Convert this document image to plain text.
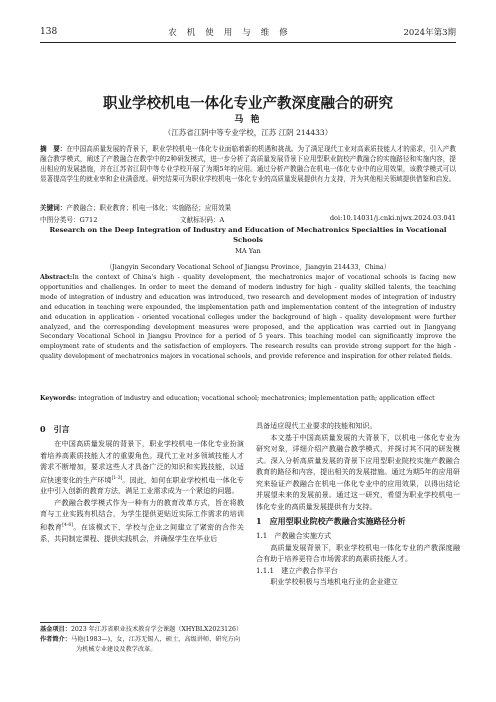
138	农机使用与维修	2024年第3期
职业学校机电一体化专业产教深度融合的研究
马 艳
（江苏省江阴中等专业学校，江苏 江阴 214433）
摘　要：在中国高质量发展的背景下，职业学校机电一体化专业面临着新的机遇和挑战。为了满足现代工业对高素质技能人才的需求，引入产教融合教学模式，阐述了产教融合在教学中的2种研发模式，进一步分析了高质量发展背景下应用型职业院校产教融合的实施路径和实施内容，提出相应的发展措施，并在江苏省江阴中等专业学校开展了为期5年的应用。通过分析产教融合在机电一体化专业中的应用效果，该教学模式可以显著提高学生的就业率和企业满意度。研究结果可为职业学校机电一体化专业的高质量发展提供有力支持，并为其他相关领域提供借鉴和启发。
关键词：产教融合；职业教育；机电一体化；实施路径；应用效果
中图分类号：G712	文献标识码：A	doi:10.14031/j.cnki.njwx.2024.03.041
Research on the Deep Integration of Industry and Education of Mechatronics Specialties in Vocational Schools
MA Yan
（Jiangyin Secondary Vocational School of Jiangsu Province，Jiangyin 214433，China）
Abstract:In the context of China's high - quality development, the mechatronics major of vocational schools is facing new opportunities and challenges. In order to meet the demand of modern industry for high - quality skilled talents, the teaching mode of integration of industry and education was introduced, two research and development modes of integration of industry and education in teaching were expounded, the implementation path and implementation content of the integration of industry and education in application - oriented vocational colleges under the background of high - quality development were further analyzed, and the corresponding development measures were proposed, and the application was carried out in Jiangyang Secondary Vocational School in Jiangsu Province for a period of 5 years. This teaching model can significantly improve the employment rate of students and the satisfaction of employers. The research results can provide strong support for the high - quality development of mechatronics majors in vocational schools, and provide reference and inspiration for other related fields.
Keywords: integration of industry and education; vocational school; mechatronics; implementation path; application effect
0　引言

在中国高质量发展的背景下，职业学校机电一体化专业扮演着培养高素质技能人才的重要角色。现代工业对多领域技能人才需求不断增加，要求这些人才具备广泛的知识和实践技能，以适应快速变化的生产环境[1-3]。因此，如何在职业学校机电一体化专业中引入创新的教育方法，满足工业需求成为一个紧迫的问题。

产教融合教学模式作为一种有力的教育改革方式，旨在将教育与工业实践有机结合，为学生提供更贴近实际工作需求的培训和教育[4-6]。在该模式下，学校与企业之间建立了紧密的合作关系，共同制定课程、提供实践机会，并确保学生在毕业后

基金项目：2023 年江苏省职业技术教育学会课题（XHYBLX2023126）
作者简介：马艳(1983—)，女，江苏无锡人，硕士，高级讲师，研究方向为机械专业建设及教学改革。

具备适应现代工业要求的技能和知识。

本文基于中国高质量发展的大背景下，以机电一体化专业为研究对象，详细介绍产教融合教学模式，并探讨其不同的研发模式。深入分析高质量发展的背景下应用型职业院校实施产教融合教育的路径和内容，提出相关的发展措施。通过为期5年的应用研究来验证产教融合在机电一体化专业中的应用效果，以得出结论并展望未来的发展前景。通过这一研究，希望为职业学校机电一体化专业的高质量发展提供有力支持。

1　应用型职业院校产教融合实施路径分析
1.1　产教融合实施方式

高质量发展背景下，职业学校机电一体化专业的产教深度融合有助于培养更符合市场需求的高素质技能人才。

1.1.1　建立产教合作平台

职业学校积极与当地机电行业的企业建立
